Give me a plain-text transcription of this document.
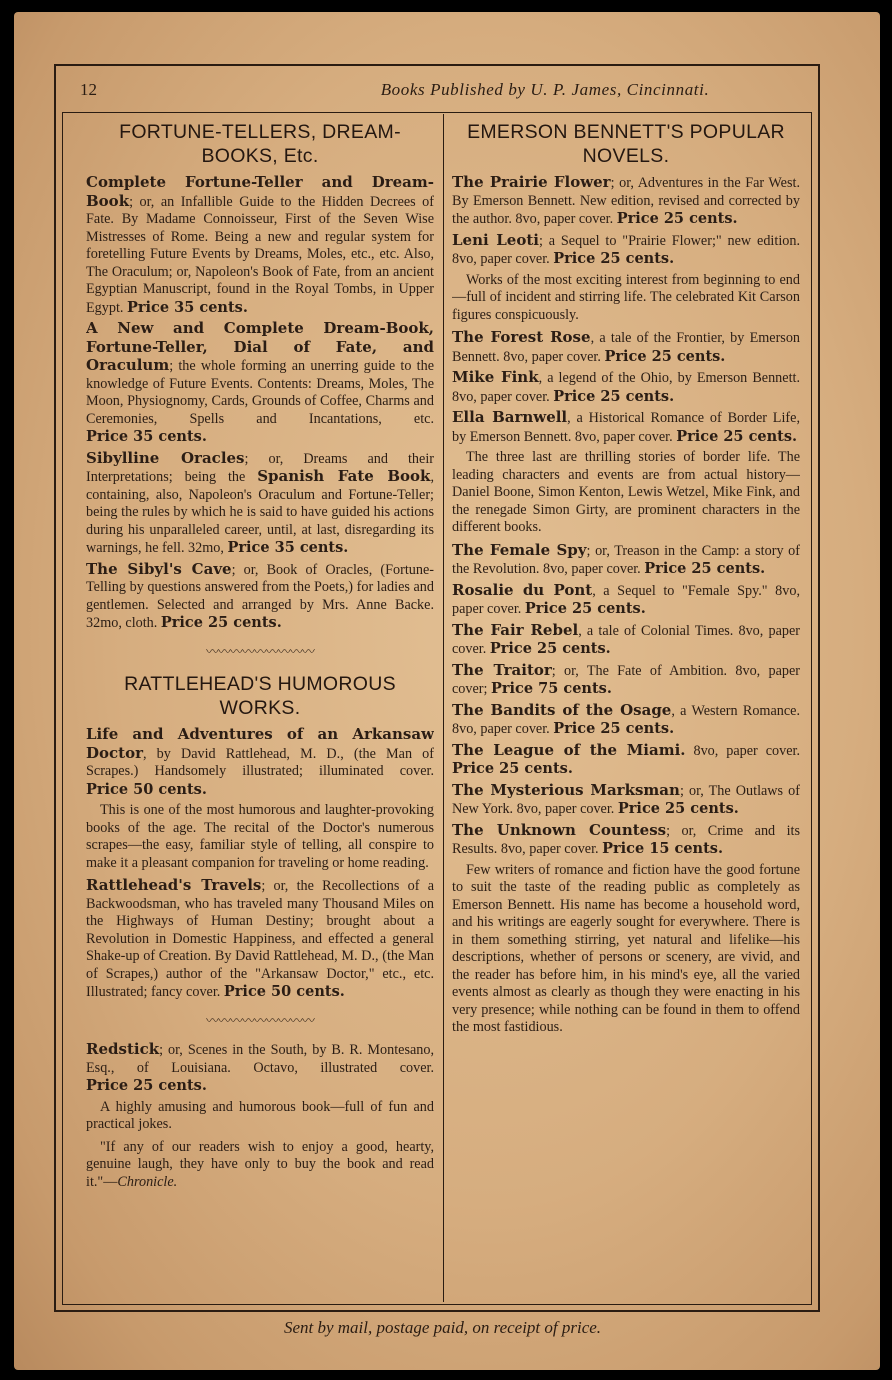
12	Books Published by U. P. James, Cincinnati.
FORTUNE-TELLERS, DREAM-BOOKS, Etc.

Complete Fortune-Teller and Dream-Book; or, an Infallible Guide to the Hidden Decrees of Fate. By Madame Connoisseur, First of the Seven Wise Mistresses of Rome. Being a new and regular system for foretelling Future Events by Dreams, Moles, etc., etc. Also, The Oraculum; or, Napoleon's Book of Fate, from an ancient Egyptian Manuscript, found in the Royal Tombs, in Upper Egypt. Price 35 cents.

A New and Complete Dream-Book, Fortune-Teller, Dial of Fate, and Oraculum; the whole forming an unerring guide to the knowledge of Future Events. Contents: Dreams, Moles, The Moon, Physiognomy, Cards, Grounds of Coffee, Charms and Ceremonies, Spells and Incantations, etc. Price 35 cents.

Sibylline Oracles; or, Dreams and their Interpretations; being the Spanish Fate Book, containing, also, Napoleon's Oraculum and Fortune-Teller; being the rules by which he is said to have guided his actions during his unparalleled career, until, at last, disregarding its warnings, he fell. 32mo, Price 35 cents.

The Sibyl's Cave; or, Book of Oracles, (Fortune-Telling by questions answered from the Poets,) for ladies and gentlemen. Selected and arranged by Mrs. Anne Backe. 32mo, cloth. Price 25 cents.

〰〰〰〰〰〰〰〰〰
RATTLEHEAD'S HUMOROUS WORKS.

Life and Adventures of an Arkansaw Doctor, by David Rattlehead, M. D., (the Man of Scrapes.) Handsomely illustrated; illuminated cover. Price 50 cents.

This is one of the most humorous and laughter-provoking books of the age. The recital of the Doctor's numerous scrapes—the easy, familiar style of telling, all conspire to make it a pleasant companion for traveling or home reading.

Rattlehead's Travels; or, the Recollections of a Backwoodsman, who has traveled many Thousand Miles on the Highways of Human Destiny; brought about a Revolution in Domestic Happiness, and effected a general Shake-up of Creation. By David Rattlehead, M. D., (the Man of Scrapes,) author of the "Arkansaw Doctor," etc., etc. Illustrated; fancy cover. Price 50 cents.

〰〰〰〰〰〰〰〰〰

Redstick; or, Scenes in the South, by B. R. Montesano, Esq., of Louisiana. Octavo, illustrated cover. Price 25 cents.

A highly amusing and humorous book—full of fun and practical jokes.

"If any of our readers wish to enjoy a good, hearty, genuine laugh, they have only to buy the book and read it."—Chronicle.

EMERSON BENNETT'S POPULAR NOVELS.

The Prairie Flower; or, Adventures in the Far West. By Emerson Bennett. New edition, revised and corrected by the author. 8vo, paper cover. Price 25 cents.

Leni Leoti; a Sequel to "Prairie Flower;" new edition. 8vo, paper cover. Price 25 cents.

Works of the most exciting interest from beginning to end—full of incident and stirring life. The celebrated Kit Carson figures conspicuously.

The Forest Rose, a tale of the Frontier, by Emerson Bennett. 8vo, paper cover. Price 25 cents.

Mike Fink, a legend of the Ohio, by Emerson Bennett. 8vo, paper cover. Price 25 cents.

Ella Barnwell, a Historical Romance of Border Life, by Emerson Bennett. 8vo, paper cover. Price 25 cents.

The three last are thrilling stories of border life. The leading characters and events are from actual history—Daniel Boone, Simon Kenton, Lewis Wetzel, Mike Fink, and the renegade Simon Girty, are prominent characters in the different books.

The Female Spy; or, Treason in the Camp: a story of the Revolution. 8vo, paper cover. Price 25 cents.

Rosalie du Pont, a Sequel to "Female Spy." 8vo, paper cover. Price 25 cents.

The Fair Rebel, a tale of Colonial Times. 8vo, paper cover. Price 25 cents.

The Traitor; or, The Fate of Ambition. 8vo, paper cover; Price 75 cents.

The Bandits of the Osage, a Western Romance. 8vo, paper cover. Price 25 cents.

The League of the Miami. 8vo, paper cover. Price 25 cents.

The Mysterious Marksman; or, The Outlaws of New York. 8vo, paper cover. Price 25 cents.

The Unknown Countess; or, Crime and its Results. 8vo, paper cover. Price 15 cents.

Few writers of romance and fiction have the good fortune to suit the taste of the reading public as completely as Emerson Bennett. His name has become a household word, and his writings are eagerly sought for everywhere. There is in them something stirring, yet natural and lifelike—his descriptions, whether of persons or scenery, are vivid, and the reader has before him, in his mind's eye, all the varied events almost as clearly as though they were enacting in his very presence; while nothing can be found in them to offend the most fastidious.

Sent by mail, postage paid, on receipt of price.
